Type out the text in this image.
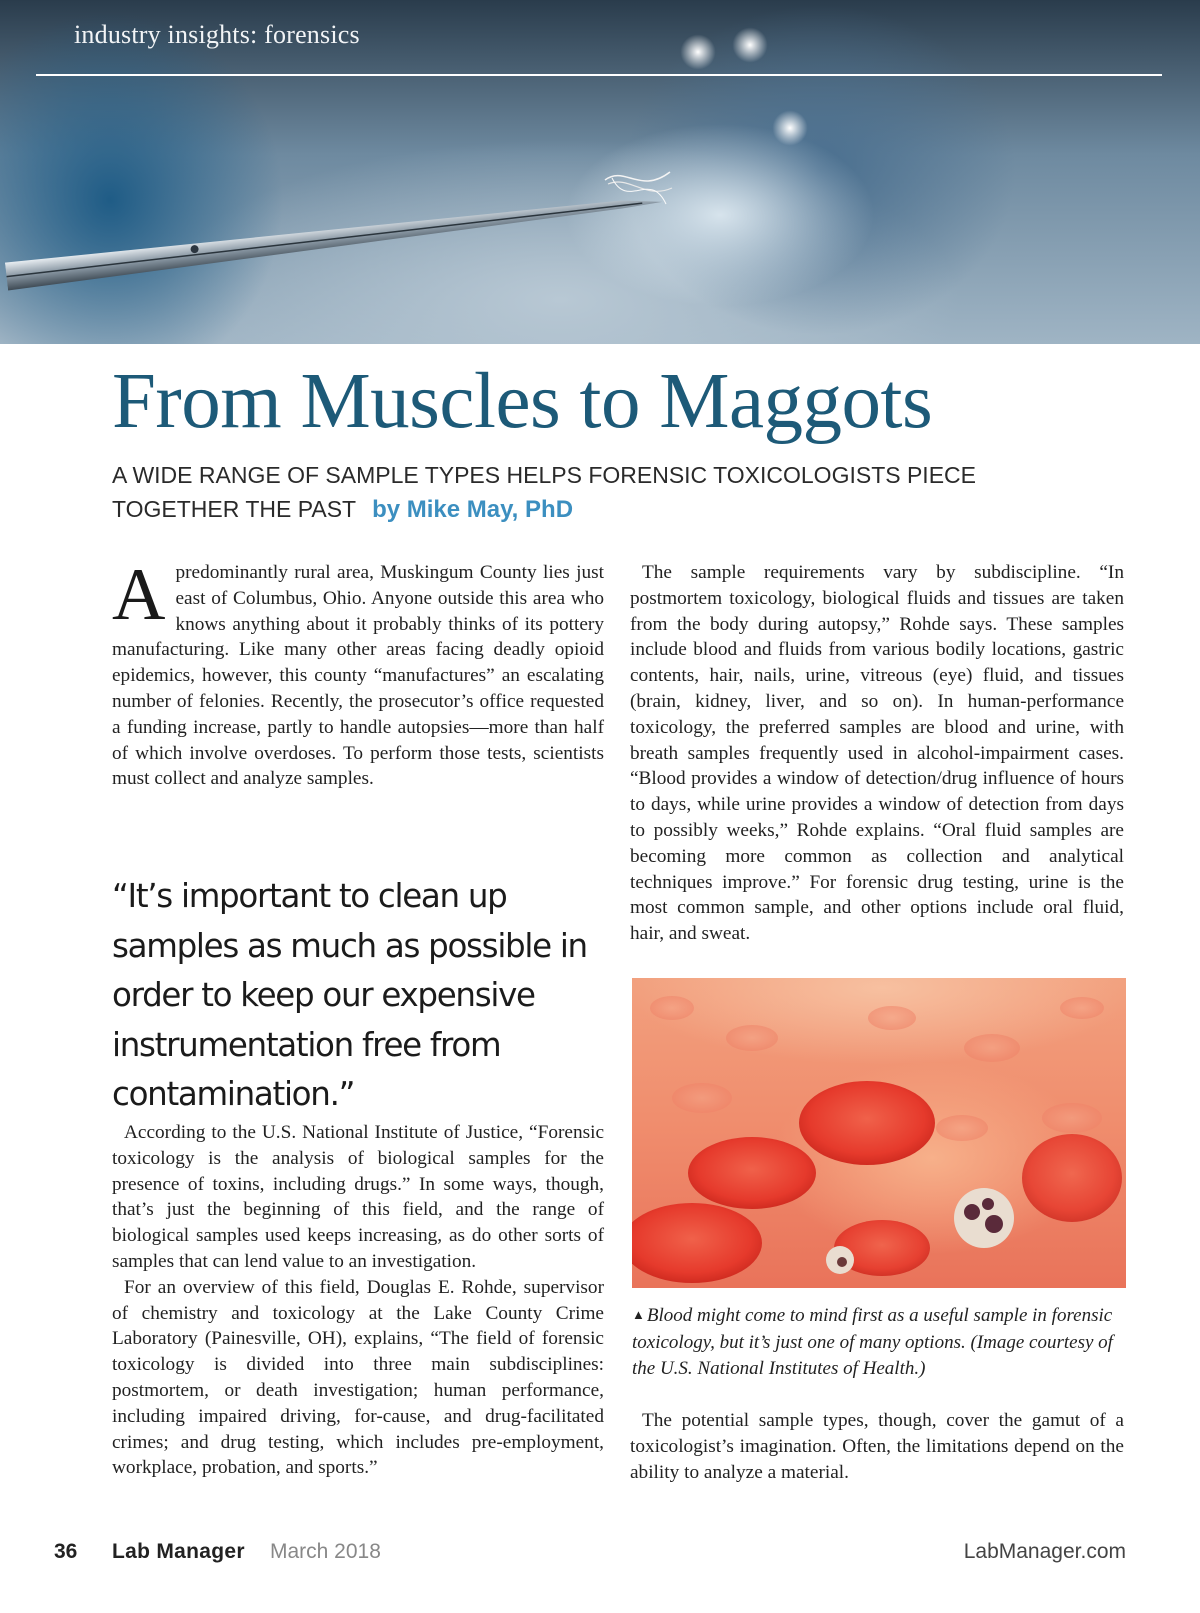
industry insights: forensics
From Muscles to Maggots
A WIDE RANGE OF SAMPLE TYPES HELPS FORENSIC TOXICOLOGISTS PIECE TOGETHER THE PAST by Mike May, PhD

A predominantly rural area, Muskingum County lies just east of Columbus, Ohio. Anyone outside this area who knows anything about it probably thinks of its pottery manufacturing. Like many other areas facing deadly opioid epidemics, however, this county “manufactures” an escalating number of felonies. Recently, the prosecutor’s office requested a funding increase, partly to handle autopsies—more than half of which involve overdoses. To perform those tests, scientists must collect and analyze samples.

“It’s important to clean up samples as much as possible in order to keep our expensive instrumentation free from contamination.”

According to the U.S. National Institute of Justice, “Forensic toxicology is the analysis of biological samples for the presence of toxins, including drugs.” In some ways, though, that’s just the beginning of this field, and the range of biological samples used keeps increasing, as do other sorts of samples that can lend value to an investigation.

For an overview of this field, Douglas E. Rohde, supervisor of chemistry and toxicology at the Lake County Crime Laboratory (Painesville, OH), explains, “The field of forensic toxicology is divided into three main subdisciplines: postmortem, or death investigation; human performance, including impaired driving, for-cause, and drug-facilitated crimes; and drug testing, which includes pre-employment, workplace, probation, and sports.”

The sample requirements vary by subdiscipline. “In postmortem toxicology, biological fluids and tissues are taken from the body during autopsy,” Rohde says. These samples include blood and fluids from various bodily locations, gastric contents, hair, nails, urine, vitreous (eye) fluid, and tissues (brain, kidney, liver, and so on). In human-performance toxicology, the preferred samples are blood and urine, with breath samples frequently used in alcohol-impairment cases. “Blood provides a window of detection/drug influence of hours to days, while urine provides a window of detection from days to possibly weeks,” Rohde explains. “Oral fluid samples are becoming more common as collection and analytical techniques improve.” For forensic drug testing, urine is the most common sample, and other options include oral fluid, hair, and sweat.

▲ Blood might come to mind first as a useful sample in forensic toxicology, but it’s just one of many options. (Image courtesy of the U.S. National Institutes of Health.)

The potential sample types, though, cover the gamut of a toxicologist’s imagination. Often, the limitations depend on the ability to analyze a material.

36 Lab Manager March 2018	LabManager.com
